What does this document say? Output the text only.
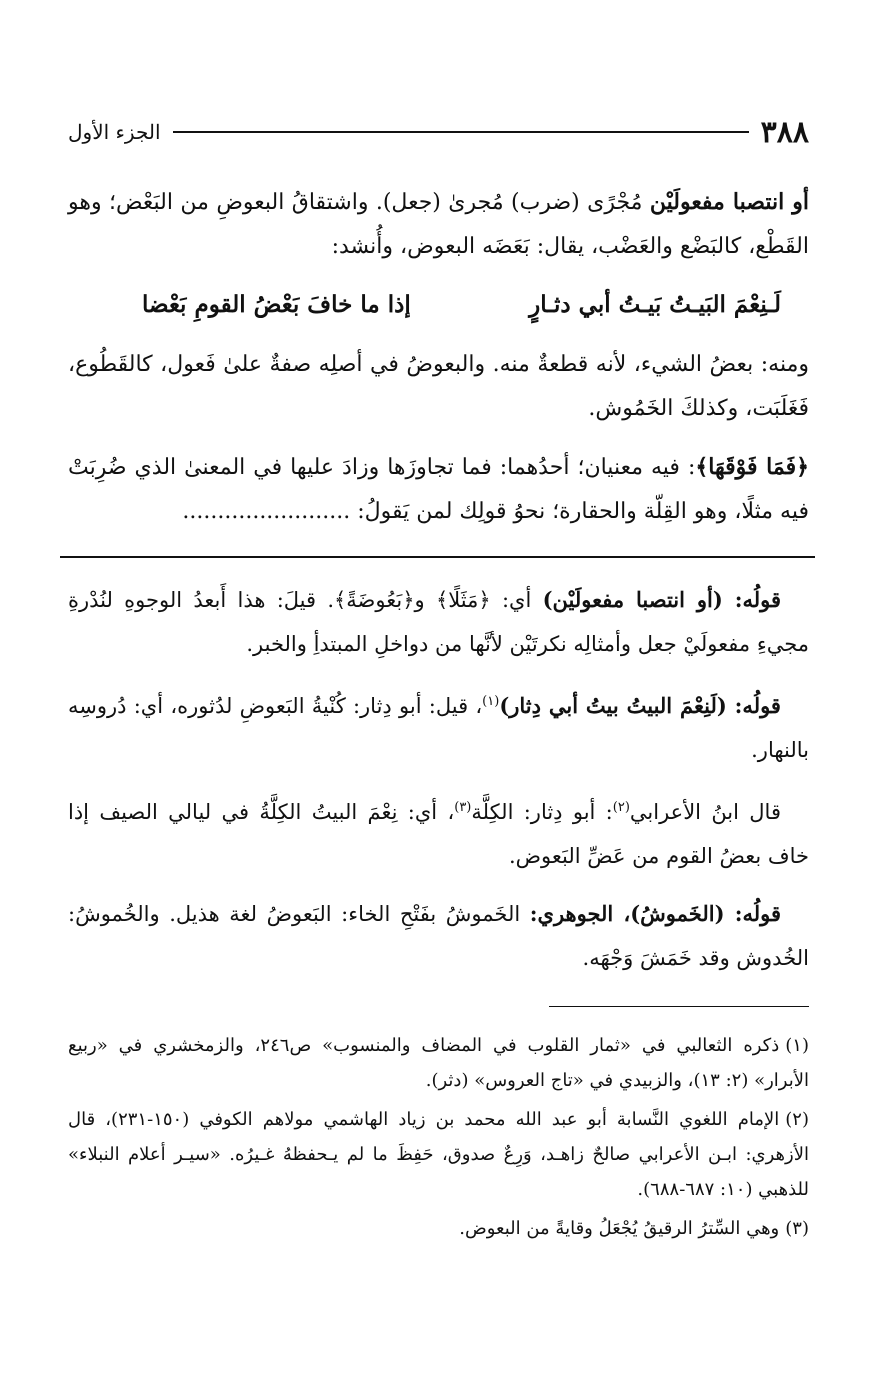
٣٨٨
الجزء الأول

أو انتصبا مفعولَيْن مُجْرًى (ضرب) مُجرىٰ (جعل). واشتقاقُ البعوضِ من البَعْض؛ وهو القَطْع، كالبَضْع والعَضْب، يقال: بَعَضَه البعوض، وأُنشد:

لَـنِعْمَ البَيـتُ بَيـتُ أبي دثـارٍ
إذا ما خافَ بَعْضُ القومِ بَعْضا

ومنه: بعضُ الشيء، لأنه قطعةٌ منه. والبعوضُ في أصلِه صفةٌ علىٰ فَعول، كالقَطُوع، فَغَلَبَت، وكذلكَ الخَمُوش.

﴿فَمَا فَوْقَهَا﴾: فيه معنيان؛ أحدُهما: فما تجاوزَها وزادَ عليها في المعنىٰ الذي ضُرِبَتْ فيه مثلًا، وهو القِلّة والحقارة؛ نحوُ قولِك لمن يَقولُ: ........................

قولُه: (أو انتصبا مفعولَيْن) أي: ﴿مَثَلًا﴾ و﴿بَعُوضَةً﴾. قيلَ: هذا أَبعدُ الوجوهِ لنُدْرةِ مجيءِ مفعولَيْ جعل وأمثالِه نكرتَيْن لأنَّها من دواخلِ المبتدأِ والخبر.

قولُه: (لَنِعْمَ البيتُ بيتُ أبي دِثار)$^{(١)}$، قيل: أبو دِثار: كُنْيةُ البَعوضِ لدُثوره، أي: دُروسِه بالنهار.

قال ابنُ الأعرابي$^{(٢)}$: أبو دِثار: الكِلَّة$^{(٣)}$، أي: نِعْمَ البيتُ الكِلَّةُ في ليالي الصيف إذا خاف بعضُ القوم من عَضِّ البَعوض.

قولُه: (الخَموشُ)، الجوهري: الخَموشُ بفَتْحِ الخاء: البَعوضُ لغة هذيل. والخُموشُ: الخُدوش وقد خَمَشَ وَجْهَه.

(١)ذكره الثعالبي في «ثمار القلوب في المضاف والمنسوب» ص٢٤٦، والزمخشري في «ربيع الأبرار» (٢: ١٣)، والزبيدي في «تاج العروس» (دثر).

(٢)الإمام اللغوي النَّسابة أبو عبد الله محمد بن زياد الهاشمي مولاهم الكوفي (١٥٠-٢٣١)، قال الأزهري: ابـن الأعرابي صالحٌ زاهـد، وَرِعٌ صدوق، حَفِظَ ما لم يـحفظهُ غـيرُه. «سيـر أعلام النبلاء» للذهبي (١٠: ٦٨٧-٦٨٨).

(٣)وهي السِّترُ الرقيقُ يُجْعَلُ وقايةً من البعوض.
